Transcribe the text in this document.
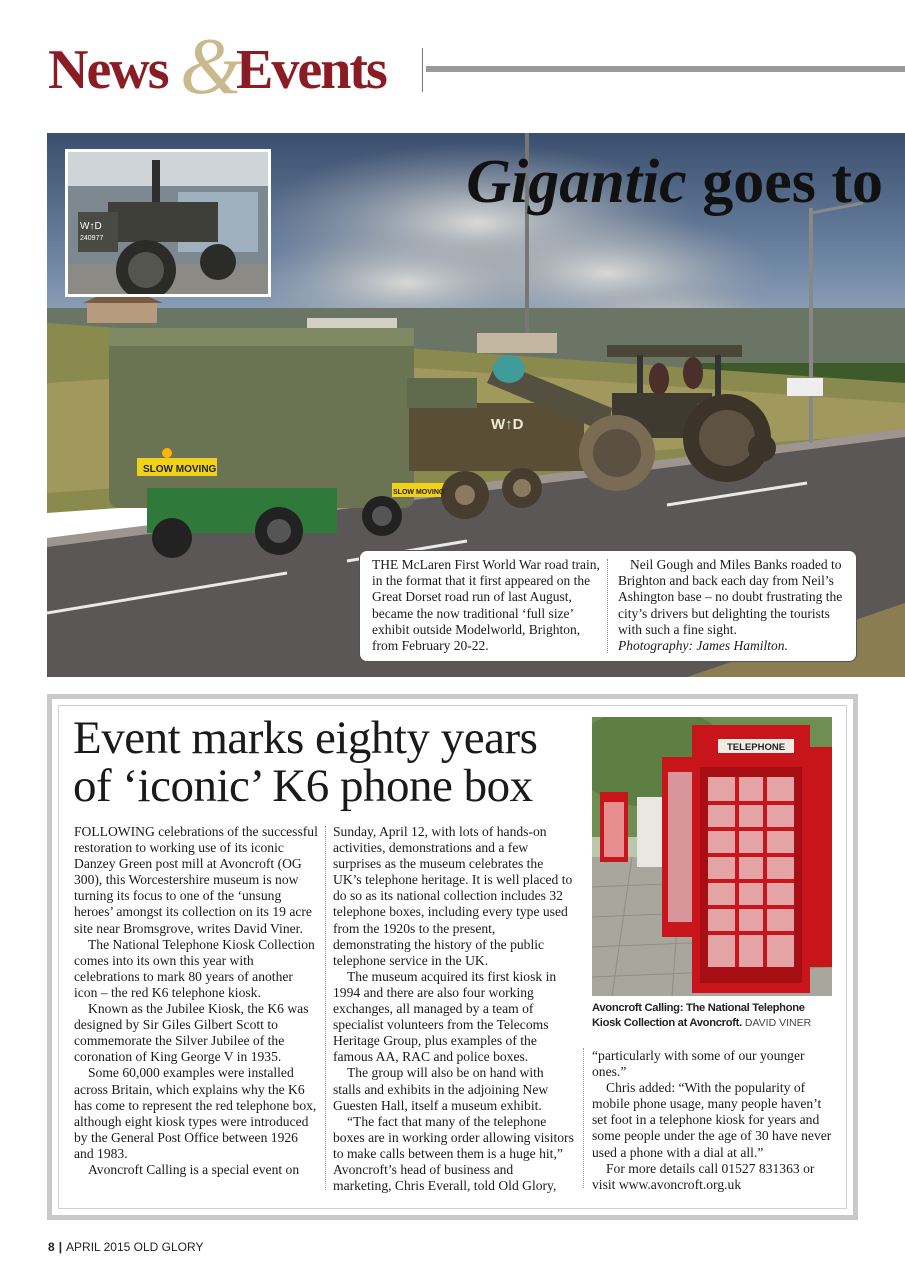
News &
Events
W↑D
240977
Gigantic goes to
SLOW MOVING
SLOW MOVING
W↑D
THE McLaren First World War road train, in the format that it first appeared on the Great Dorset road run of last August, became the now traditional ‘full size’ exhibit outside Modelworld, Brighton, from February 20-22.
Neil Gough and Miles Banks roaded to Brighton and back each day from Neil’s Ashington base – no doubt frustrating the city’s drivers but delighting the tourists with such a fine sight.
Photography: James Hamilton.
Event marks eighty years
of ‘iconic’ K6 phone box

FOLLOWING celebrations of the successful restoration to working use of its iconic Danzey Green post mill at Avoncroft (OG 300), this Worcestershire museum is now turning its focus to one of the ‘unsung heroes’ amongst its collection on its 19 acre site near Bromsgrove, writes David Viner.

The National Telephone Kiosk Collection comes into its own this year with celebrations to mark 80 years of another icon – the red K6 telephone kiosk.

Known as the Jubilee Kiosk, the K6 was designed by Sir Giles Gilbert Scott to commemorate the Silver Jubilee of the coronation of King George V in 1935.

Some 60,000 examples were installed across Britain, which explains why the K6 has come to represent the red telephone box, although eight kiosk types were introduced by the General Post Office between 1926 and 1983.

Avoncroft Calling is a special event on

Sunday, April 12, with lots of hands-on activities, demonstrations and a few surprises as the museum celebrates the UK’s telephone heritage. It is well placed to do so as its national collection includes 32 telephone boxes, including every type used from the 1920s to the present, demonstrating the history of the public telephone service in the UK.

The museum acquired its first kiosk in 1994 and there are also four working exchanges, all managed by a team of specialist volunteers from the Telecoms Heritage Group, plus examples of the famous AA, RAC and police boxes.

The group will also be on hand with stalls and exhibits in the adjoining New Guesten Hall, itself a museum exhibit.

“The fact that many of the telephone boxes are in working order allowing visitors to make calls between them is a huge hit,” Avoncroft’s head of business and marketing, Chris Everall, told Old Glory,

TELEPHONE
Avoncroft Calling: The National Telephone Kiosk Collection at Avoncroft. DAVID VINER

“particularly with some of our younger ones.”

Chris added: “With the popularity of mobile phone usage, many people haven’t set foot in a telephone kiosk for years and some people under the age of 30 have never used a phone with a dial at all.”

For more details call 01527 831363 or visit www.avoncroft.org.uk

8 | APRIL 2015 OLD GLORY
